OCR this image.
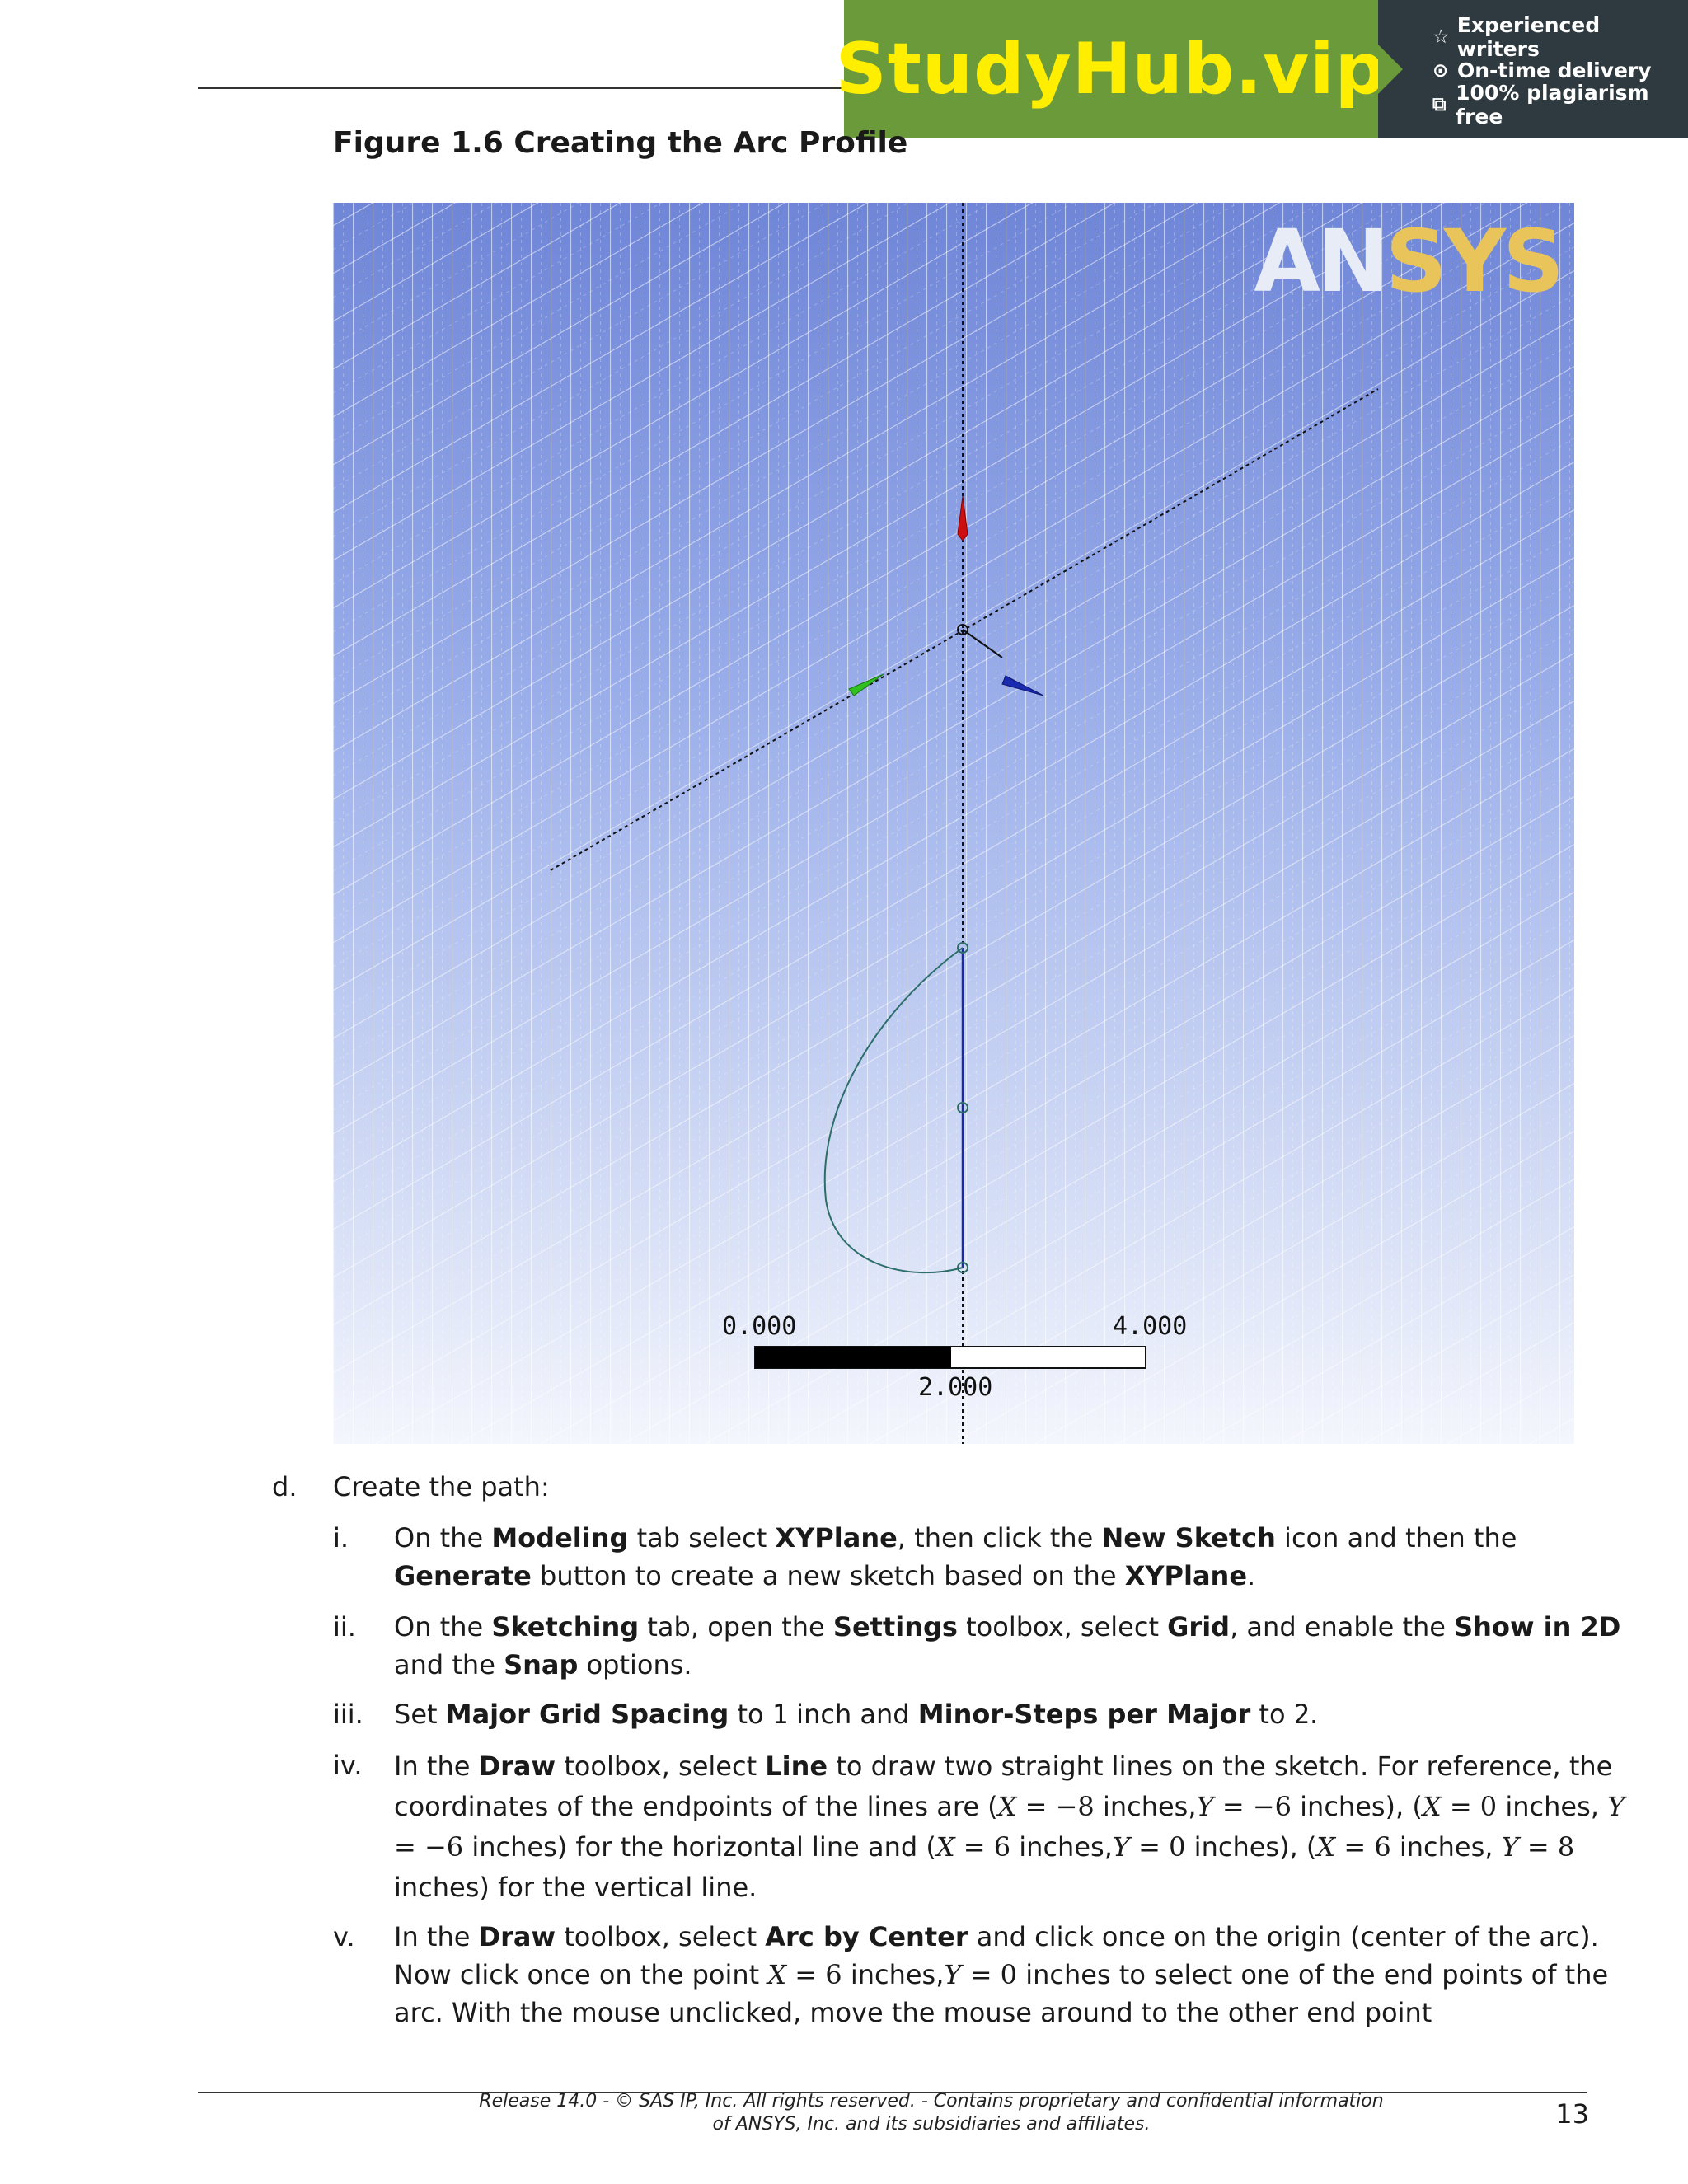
StudyHub.vip ☆ Experienced writers
⊙ On-time delivery
⧉ 100% plagiarism free
Figure 1.6 Creating the Arc Profile
ANSYS
0.000	4.000
2.000
d. Create the path:
i. On the Modeling tab select XYPlane, then click the New Sketch icon and then the Generate button to create a new sketch based on the XYPlane.
ii. On the Sketching tab, open the Settings toolbox, select Grid, and enable the Show in 2D and the Snap options.
iii. Set Major Grid Spacing to 1 inch and Minor-Steps per Major to 2.
iv. In the Draw toolbox, select Line to draw two straight lines on the sketch. For reference, the coordinates of the endpoints of the lines are (X = −8 inches,Y = −6 inches), (X = 0 inches, Y = −6 inches) for the horizontal line and (X = 6 inches,Y = 0 inches), (X = 6 inches, Y = 8 inches) for the vertical line.
v. In the Draw toolbox, select Arc by Center and click once on the origin (center of the arc). Now click once on the point X = 6 inches,Y = 0 inches to select one of the end points of the arc. With the mouse unclicked, move the mouse around to the other end point
Release 14.0 - © SAS IP, Inc. All rights reserved. - Contains proprietary and confidential information
of ANSYS, Inc. and its subsidiaries and affiliates.	13
